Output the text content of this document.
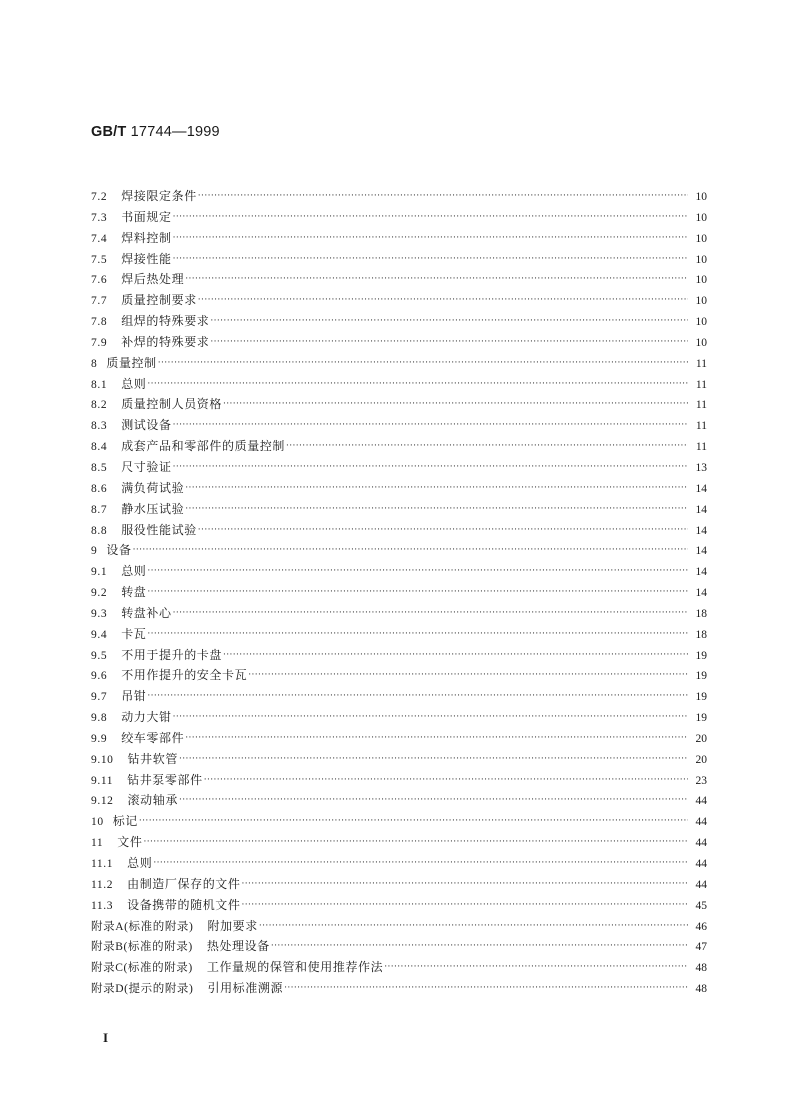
GB/T 17744—1999
7.2 焊接限定条件 ·····	10
7.3 书面规定 ·····	10
7.4 焊料控制 ·····	10
7.5 焊接性能 ·····	10
7.6 焊后热处理 ·····	10
7.7 质量控制要求 ·····	10
7.8 组焊的特殊要求 ·····	10
7.9 补焊的特殊要求 ·····	10
8 质量控制 ·····	11
8.1 总则 ·····	11
8.2 质量控制人员资格 ·····	11
8.3 测试设备 ·····	11
8.4 成套产品和零部件的质量控制 ·····	11
8.5 尺寸验证 ·····	13
8.6 满负荷试验 ·····	14
8.7 静水压试验 ·····	14
8.8 服役性能试验 ·····	14
9 设备 ·····	14
9.1 总则 ·····	14
9.2 转盘 ·····	14
9.3 转盘补心 ·····	18
9.4 卡瓦 ·····	18
9.5 不用于提升的卡盘 ·····	19
9.6 不用作提升的安全卡瓦 ·····	19
9.7 吊钳 ·····	19
9.8 动力大钳 ·····	19
9.9 绞车零部件 ·····	20
9.10 钻井软管 ·····	20
9.11 钻井泵零部件 ·····	23
9.12 滚动轴承 ·····	44
10 标记 ·····	44
11 文件 ·····	44
11.1 总则 ·····	44
11.2 由制造厂保存的文件 ·····	44
11.3 设备携带的随机文件 ·····	45
附录A(标准的附录) 附加要求 ·····	46
附录B(标准的附录) 热处理设备 ·····	47
附录C(标准的附录) 工作量规的保管和使用推荐作法 ·····	48
附录D(提示的附录) 引用标准溯源 ·····	48
I
